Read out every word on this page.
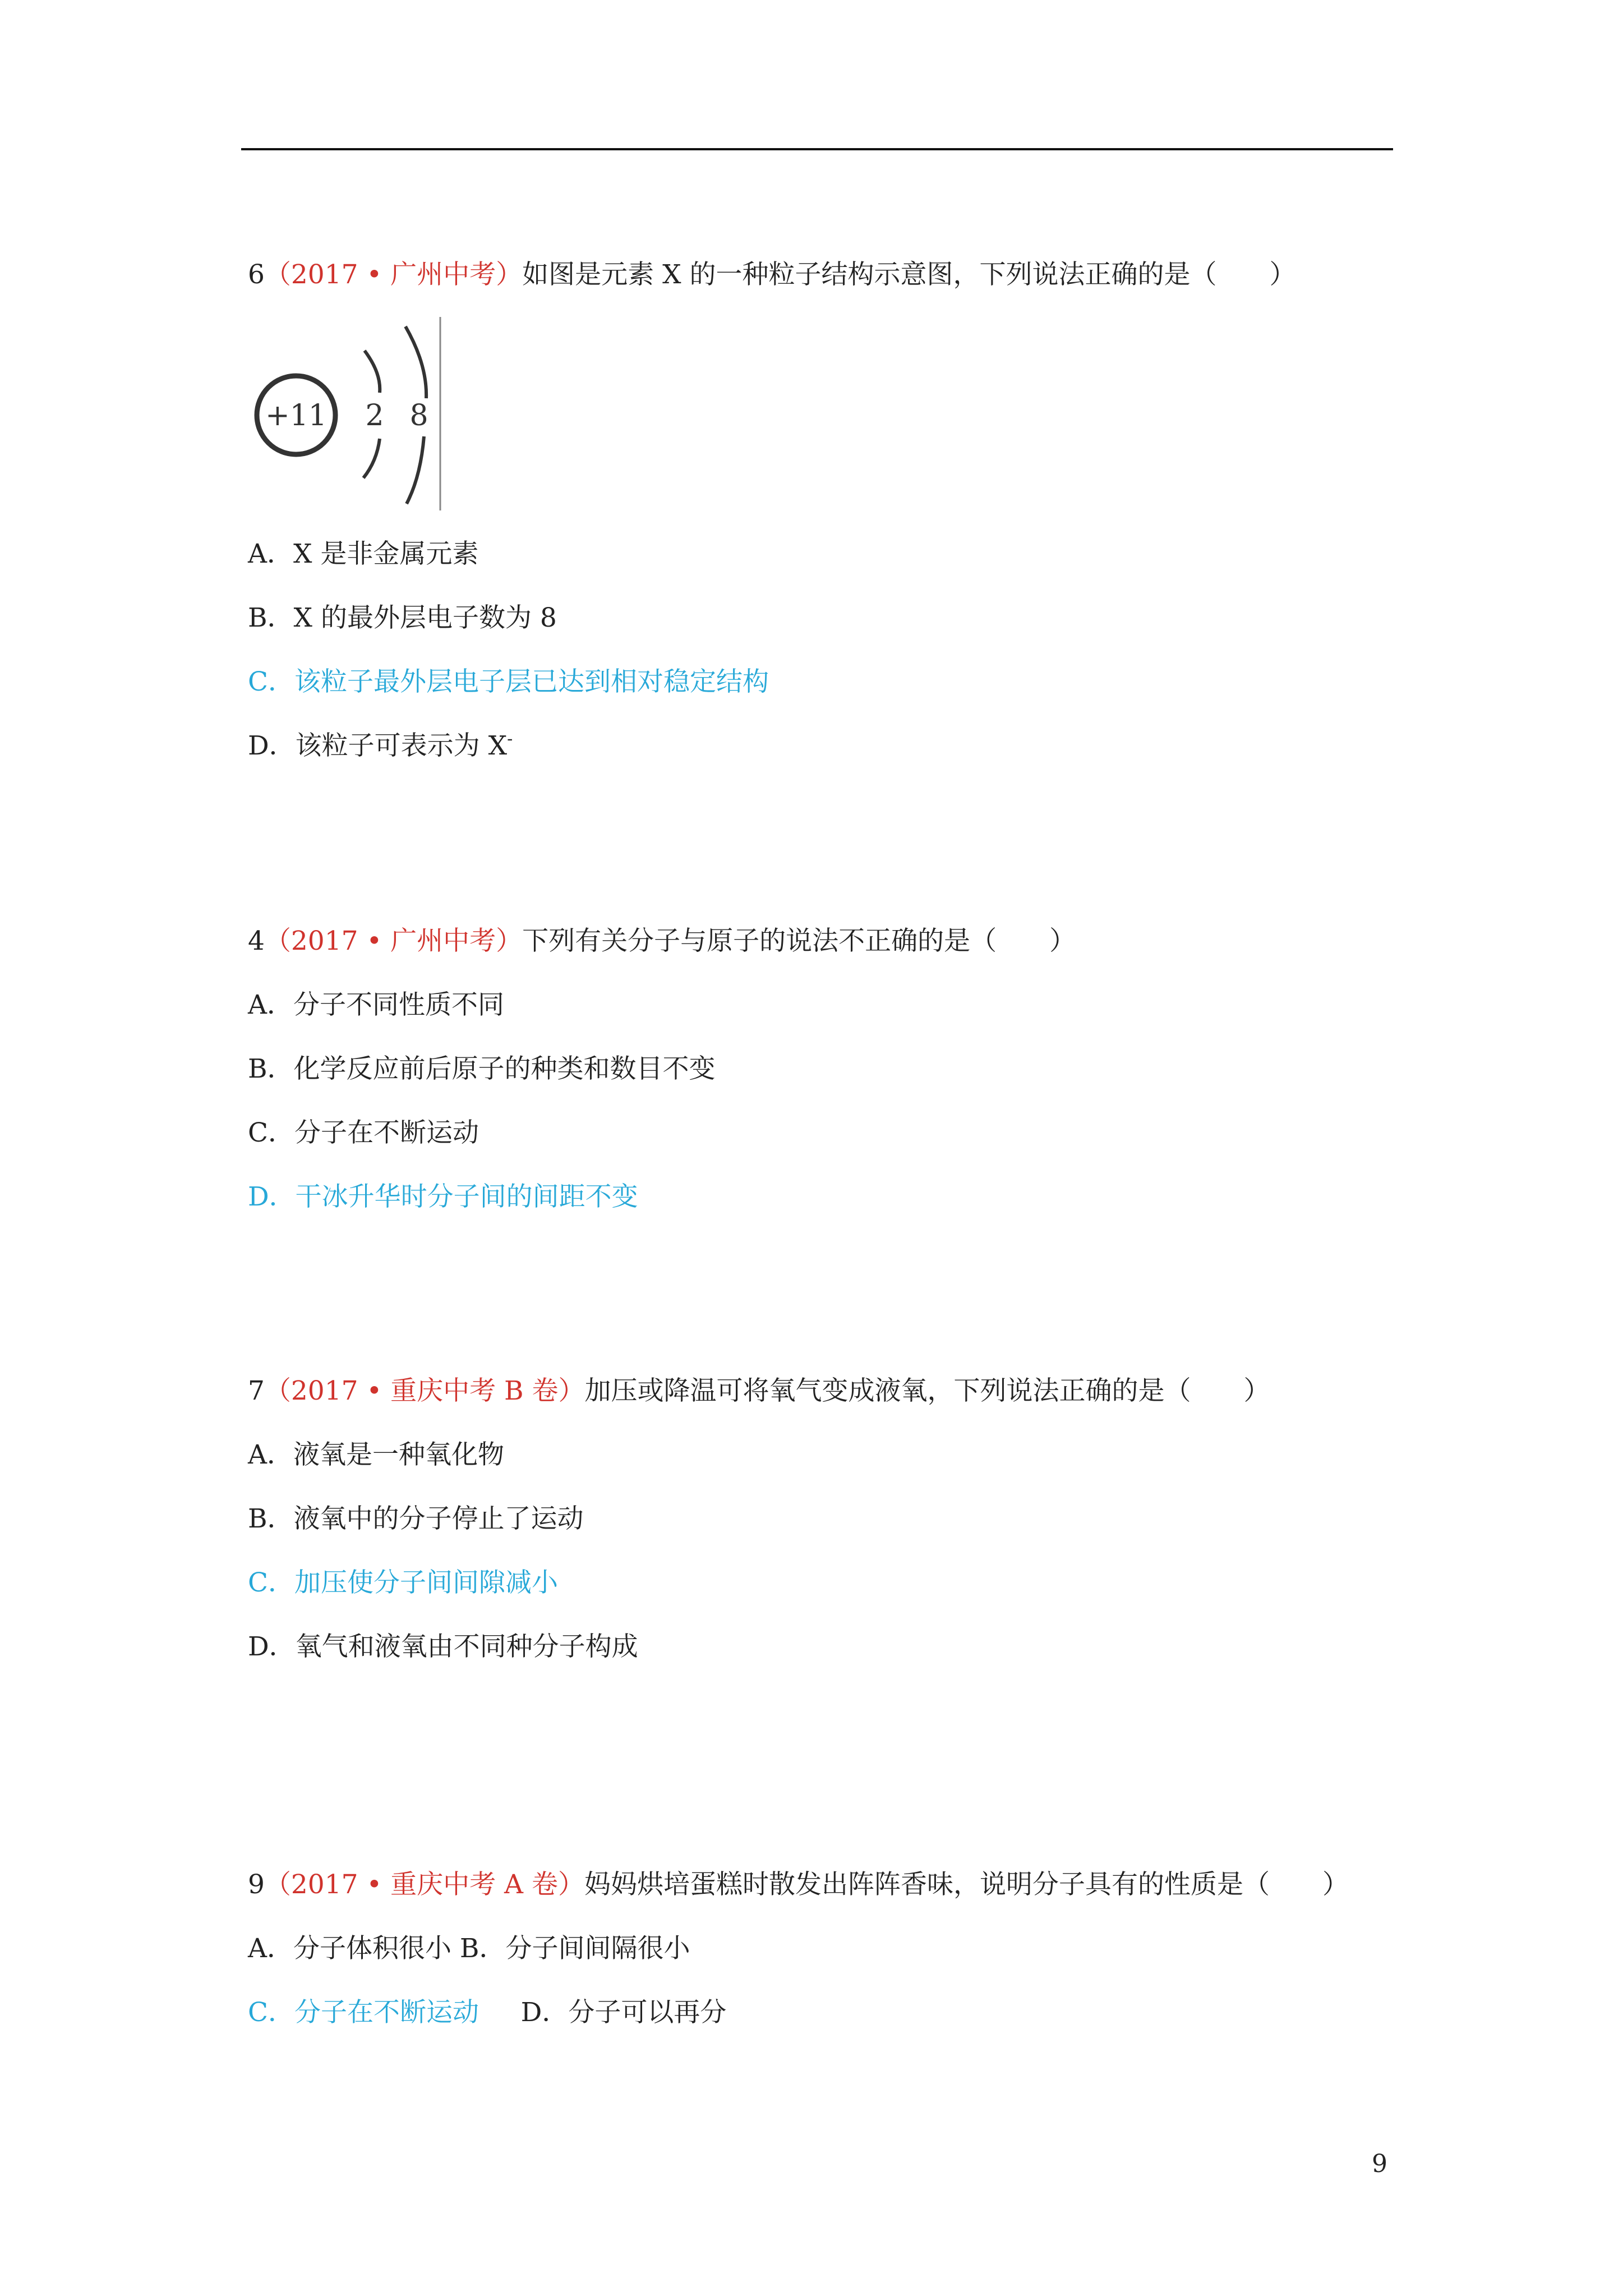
6（2017 • 广州中考）如图是元素 X 的一种粒子结构示意图，下列说法正确的是（　　）
+11 2 8
A．X 是非金属元素
B．X 的最外层电子数为 8
C．该粒子最外层电子层已达到相对稳定结构
D．该粒子可表示为 X-
4（2017 • 广州中考）下列有关分子与原子的说法不正确的是（　　）
A．分子不同性质不同
B．化学反应前后原子的种类和数目不变
C．分子在不断运动
D．干冰升华时分子间的间距不变
7（2017 • 重庆中考 B 卷）加压或降温可将氧气变成液氧，下列说法正确的是（　　）
A．液氧是一种氧化物
B．液氧中的分子停止了运动
C．加压使分子间间隙减小
D．氧气和液氧由不同种分子构成
9（2017 • 重庆中考 A 卷）妈妈烘培蛋糕时散发出阵阵香味，说明分子具有的性质是（　　）
A．分子体积很小 B．分子间间隔很小
C．分子在不断运动 D．分子可以再分
9
